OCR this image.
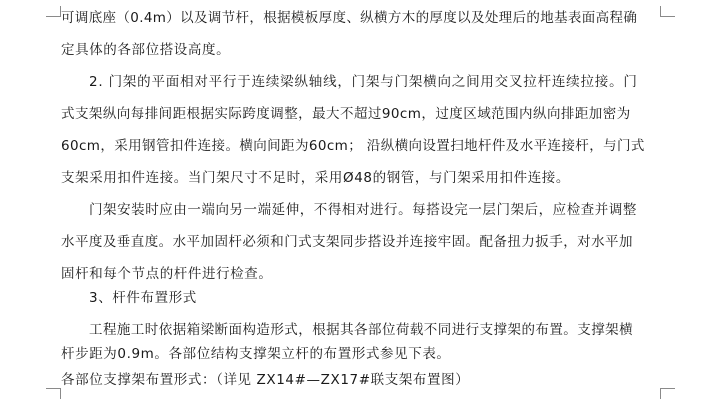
可调底座（0.4m）以及调节杆，根据模板厚度、纵横方木的厚度以及处理后的地基表面高程确
定具体的各部位搭设高度。
2. 门架的平面相对平行于连续梁纵轴线，门架与门架横向之间用交叉拉杆连续拉接。门
式支架纵向每排间距根据实际跨度调整，最大不超过90cm，过度区域范围内纵向排距加密为
60cm，采用钢管扣件连接。横向间距为60cm； 沿纵横向设置扫地杆件及水平连接杆，与门式
支架采用扣件连接。当门架尺寸不足时，采用Ø48的钢管，与门架采用扣件连接。
门架安装时应由一端向另一端延伸，不得相对进行。每搭设完一层门架后，应检查并调整
水平度及垂直度。水平加固杆必须和门式支架同步搭设并连接牢固。配备扭力扳手，对水平加
固杆和每个节点的杆件进行检查。
3、杆件布置形式
工程施工时依据箱梁断面构造形式，根据其各部位荷载不同进行支撑架的布置。支撑架横
杆步距为0.9m。各部位结构支撑架立杆的布置形式参见下表。
各部位支撑架布置形式：（详见 ZX14#—ZX17#联支架布置图）
